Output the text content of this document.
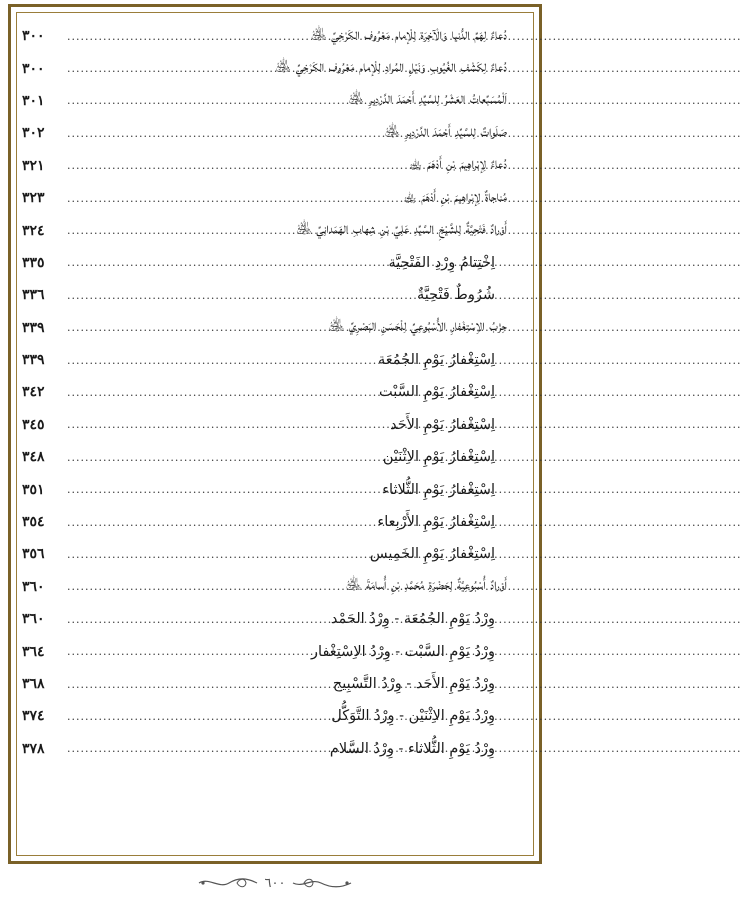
دُعاءٌ لِهَمِّ الدُّنيا وَالْآخِرَة لِلْإمام مَعْرُوف الكَرْخِيِّ ﵁
.....
٣٠٠
دُعاءٌ لِكَشْفِ الغُيُوبِ وَنَيْلِ المُرادِ لِلْإمام مَعْرُوف الكَرْخِيِّ ﵁
.....
٣٠٠
اَلْمُسَبِّعاتُ العَشْرُ لِلسَّيِّدِ أَحْمَدَ الدَّرْدِيرِ ﵁
.....
٣٠١
صَلَواتٌ لِلسَّيِّدِ أَحْمَدَ الدَّرْدِيرِ ﵁
.....
٣٠٢
دُعاءٌ لِإبْراهِيمَ بْنِ أَدْهَمَ ﵀
.....
٣٢١
مُناجاةٌ لِإبْراهِيمَ بْنِ أَدْهَمَ ﵀
.....
٣٢٣
أَوْرادٌ فَتْحِيَّةٌ لِلشَّيْخِ السَّيِّدِ عَلِيِّ بْنِ شِهابِ الهَمَدانِيِّ ﵁
.....
٣٢٤
اِخْتِتامُ وِرْدِ الفَتْحِيَّة
.....
٣٣٥
شُرُوطٌ فَتْحِيَّةٌ
.....
٣٣٦
حِزْبُ الاِسْتِغْفارِ الأُسْبُوعِيِّ لِلْحَسَنِ البَصْرِيِّ ﵁
.....
٣٣٩
اِسْتِغْفارُ يَوْمِ الجُمُعَة
.....
٣٣٩
اِسْتِغْفارُ يَوْمِ السَّبْت
.....
٣٤٢
اِسْتِغْفارُ يَوْمِ الأَحَد
.....
٣٤٥
اِسْتِغْفارُ يَوْمِ الاِثْنَيْن
.....
٣٤٨
اِسْتِغْفارُ يَوْمِ الثُّلاثاء
.....
٣٥١
اِسْتِغْفارُ يَوْمِ الأَرْبِعاء
.....
٣٥٤
اِسْتِغْفارُ يَوْمِ الخَمِيس
.....
٣٥٦
أَوْرادٌ أُسْبُوعِيَّةٌ لِحَضْرَةِ مُحَمَّدِ بْنِ أُسامَةَ ﵁
.....
٣٦٠
وِرْدُ يَوْمِ الجُمُعَة - وِرْدُ الحَمْد
.....
٣٦٠
وِرْدُ يَوْمِ السَّبْت - وِرْدُ الاِسْتِغْفار
.....
٣٦٤
وِرْدُ يَوْمِ الأَحَد - وِرْدُ التَّسْبِيح
.....
٣٦٨
وِرْدُ يَوْمِ الاِثْنَيْن - وِرْدُ التَّوَكُّل
.....
٣٧٤
وِرْدُ يَوْمِ الثُّلاثاء - وِرْدُ السَّلام
.....
٣٧٨
٦٠٠
